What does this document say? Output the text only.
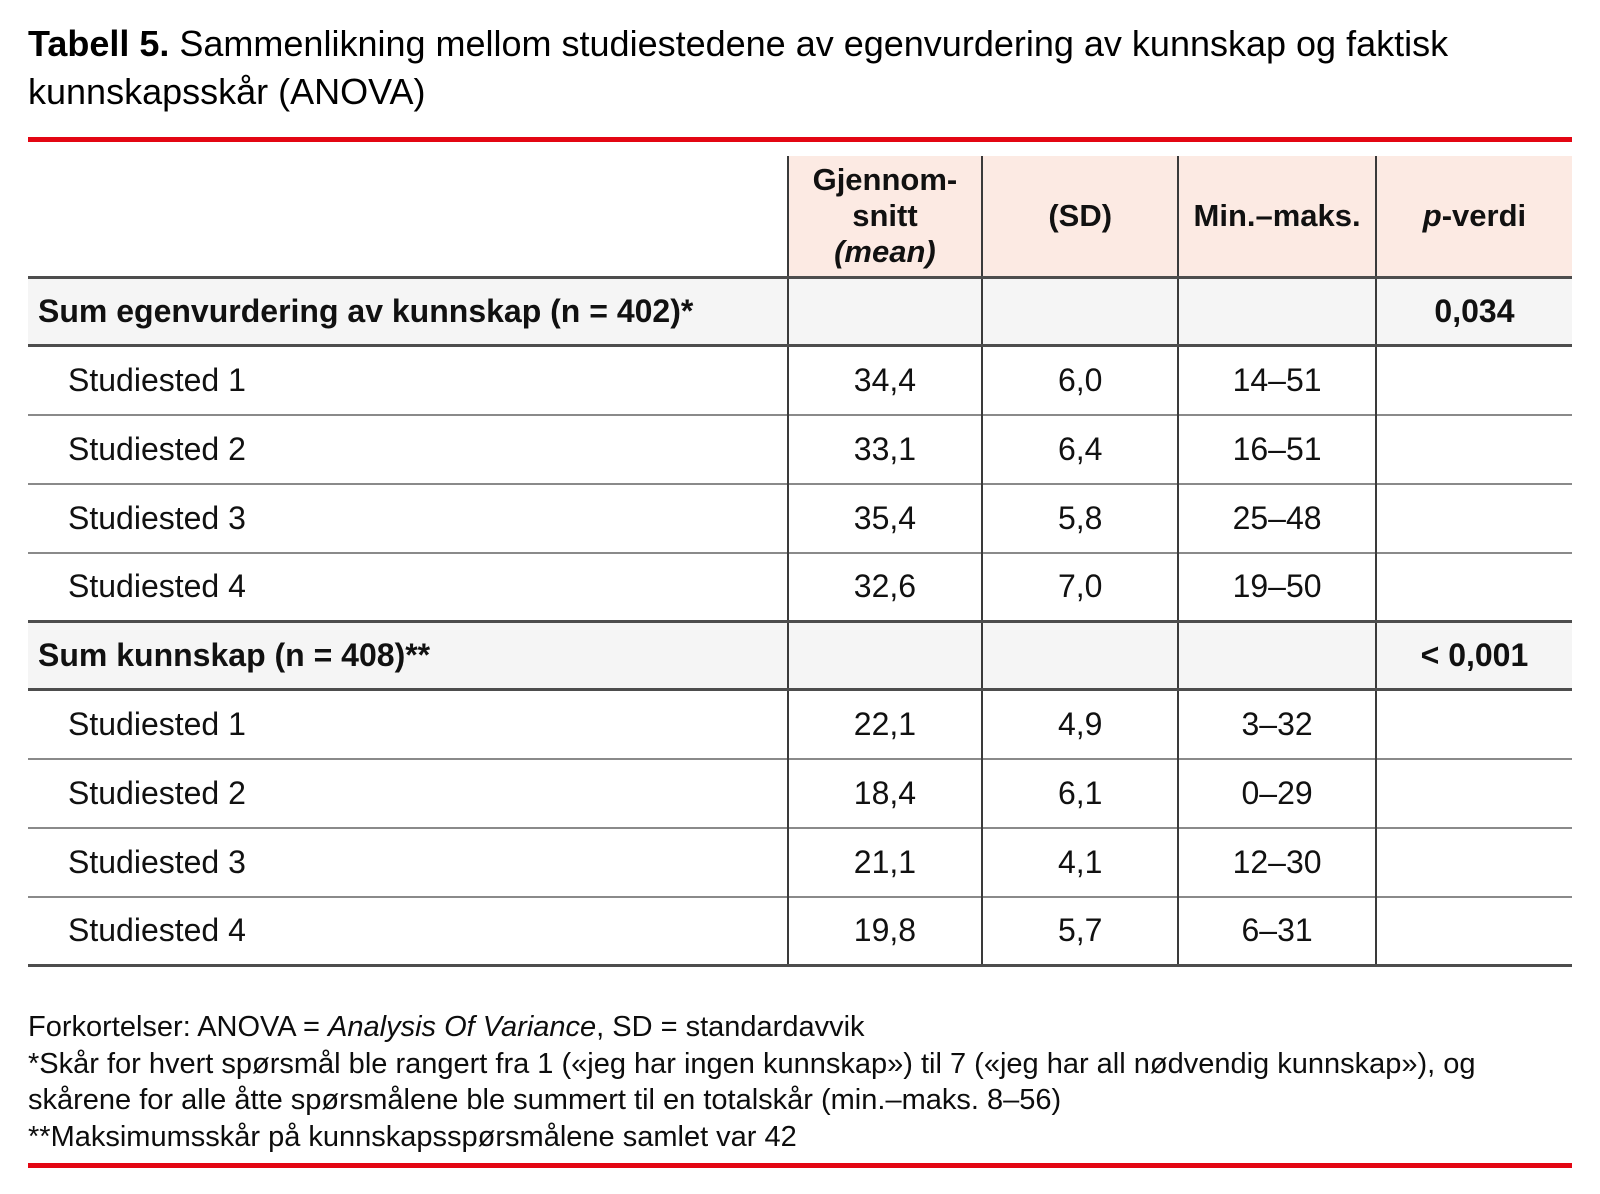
Tabell 5. Sammenlikning mellom studiestedene av egenvurdering av kunnskap og faktisk kunnskapsskår (ANOVA)

	Gjennom-
snitt
(mean)	(SD)	Min.–maks.	p-verdi
Sum egenvurdering av kunnskap (n = 402)*				0,034
Studiested 1	34,4	6,0	14–51	
Studiested 2	33,1	6,4	16–51	
Studiested 3	35,4	5,8	25–48	
Studiested 4	32,6	7,0	19–50	
Sum kunnskap (n = 408)**				< 0,001
Studiested 1	22,1	4,9	3–32	
Studiested 2	18,4	6,1	0–29	
Studiested 3	21,1	4,1	12–30	
Studiested 4	19,8	5,7	6–31	

Forkortelser: ANOVA = Analysis Of Variance, SD = standardavvik

*Skår for hvert spørsmål ble rangert fra 1 («jeg har ingen kunnskap») til 7 («jeg har all nødvendig kunnskap»), og skårene for alle åtte spørsmålene ble summert til en totalskår (min.–maks. 8–56)

**Maksimumsskår på kunnskapsspørsmålene samlet var 42
